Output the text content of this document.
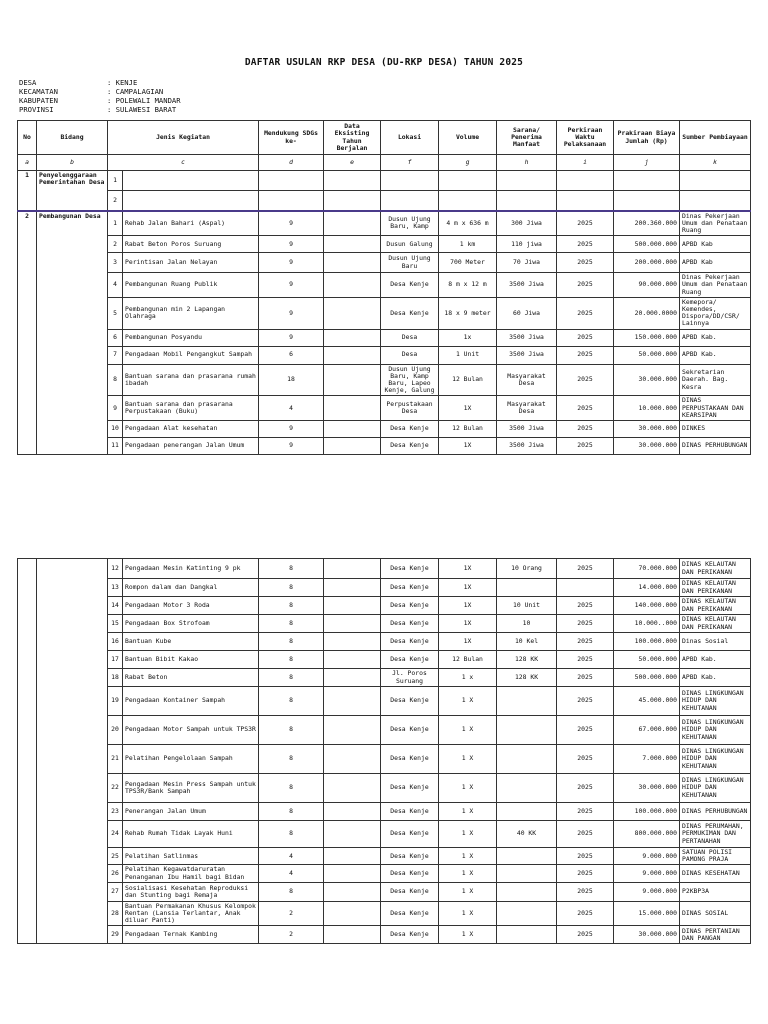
DAFTAR USULAN RKP DESA (DU-RKP DESA) TAHUN 2025
DESA	: KENJE
KECAMATAN	: CAMPALAGIAN
KABUPATEN	: POLEWALI MANDAR
PROVINSI	: SULAWESI BARAT
No	Bidang	Jenis Kegiatan		Mendukung SDGs ke-	Data Eksisting Tahun Berjalan	Lokasi	Volume	Sarana/ Penerima Manfaat	Perkiraan Waktu Pelaksanaan	Prakiraan Biaya Jumlah (Rp)	Sumber Pembiayaan
a	b	c		d	e	f	g	h	i	j	k
1	Penyelenggaraan Pemerintahan Desa	1									
		2									
2	Pembangunan Desa	1	Rehab Jalan Bahari (Aspal)	9		Dusun Ujung Baru, Kamp	4 m x 636 m	300 Jiwa	2025	200.360.000	Dinas Pekerjaan Umum dan Penataan Ruang
		2	Rabat Beton Poros Suruang	9		Dusun Galung	1 km	110 jiwa	2025	500.000.000	APBD Kab
		3	Perintisan Jalan Nelayan	9		Dusun Ujung Baru	700 Meter	70 Jiwa	2025	200.000.000	APBD Kab
		4	Pembangunan Ruang Publik	9		Desa Kenje	8 m x 12 m	3500 Jiwa	2025	90.000.000	Dinas Pekerjaan Umum dan Penataan Ruang
		5	Pembangunan min 2 Lapangan Olahraga	9		Desa Kenje	18 x 9 meter	60 Jiwa	2025	20.000.0000	Kemepora/ Kemendes, Dispora/DD/CSR/ Lainnya
		6	Pembangunan Posyandu	9		Desa	1x	3500 Jiwa	2025	150.000.000	APBD Kab.
		7	Pengadaan Mobil Pengangkut Sampah	6		Desa	1 Unit	3500 Jiwa	2025	50.000.000	APBD Kab.
		8	Bantuan sarana dan prasarana rumah ibadah	18		Dusun Ujung Baru, Kamp Baru, Lapeo Kenje, Galung	12 Bulan	Masyarakat Desa	2025	30.000.000	Sekretarian Daerah. Bag. Kesra
		9	Bantuan sarana dan prasarana Perpustakaan (Buku)	4		Perpustakaan Desa	1X	Masyarakat Desa	2025	10.000.000	DINAS PERPUSTAKAAN DAN KEARSIPAN
		10	Pengadaan Alat kesehatan	9		Desa Kenje	12 Bulan	3500 Jiwa	2025	30.000.000	DINKES
		11	Pengadaan penerangan Jalan Umum	9		Desa Kenje	1X	3500 Jiwa	2025	30.000.000	DINAS PERHUBUNGAN
		12	Pengadaan Mesin Katinting 9 pk	8		Desa Kenje	1X	10 Orang	2025	70.000.000	DINAS KELAUTAN DAN PERIKANAN
		13	Rompon dalam dan Dangkal	8		Desa Kenje	1X			14.000.000	DINAS KELAUTAN DAN PERIKANAN
		14	Pengadaan Motor 3 Roda	8		Desa Kenje	1X	10 Unit	2025	140.000.000	DINAS KELAUTAN DAN PERIKANAN
		15	Pengadaan Box Strofoam	8		Desa Kenje	1X	10	2025	10.000..000	DINAS KELAUTAN DAN PERIKANAN
		16	Bantuan Kube	8		Desa Kenje	1X	10 Kel	2025	100.000.000	Dinas Sosial
		17	Bantuan Bibit Kakao	8		Desa Kenje	12 Bulan	128 KK	2025	50.000.000	APBD Kab.
		18	Rabat Beton	8		Jl. Poros Suruang	1 x	128 KK	2025	500.000.000	APBD Kab.
		19	Pengadaan Kontainer Sampah	8		Desa Kenje	1 X		2025	45.000.000	DINAS LINGKUNGAN HIDUP DAN KEHUTANAN
		20	Pengadaan Motor Sampah untuk TPS3R	8		Desa Kenje	1 X		2025	67.000.000	DINAS LINGKUNGAN HIDUP DAN KEHUTANAN
		21	Pelatihan Pengelolaan Sampah	8		Desa Kenje	1 X		2025	7.000.000	DINAS LINGKUNGAN HIDUP DAN KEHUTANAN
		22	Pengadaan Mesin Press Sampah untuk TPS3R/Bank Sampah	8		Desa Kenje	1 X		2025	30.000.000	DINAS LINGKUNGAN HIDUP DAN KEHUTANAN
		23	Penerangan Jalan Umum	8		Desa Kenje	1 X		2025	100.000.000	DINAS PERHUBUNGAN
		24	Rehab Rumah Tidak Layak Huni	8		Desa Kenje	1 X	40 KK	2025	800.000.000	DINAS PERUMAHAN, PERMUKIMAN DAN PERTANAHAN
		25	Pelatihan Satlinmas	4		Desa Kenje	1 X		2025	9.000.000	SATUAN POLISI PAMONG PRAJA
		26	Pelatihan Kegawatdaruratan Penanganan Ibu Hamil bagi Bidan	4		Desa Kenje	1 X		2025	9.000.000	DINAS KESEHATAN
		27	Sosialisasi Kesehatan Reproduksi dan Stunting bagi Remaja	8		Desa Kenje	1 X		2025	9.000.000	P2KBP3A
		28	Bantuan Permakanan Khusus Kelompok Rentan (Lansia Terlantar, Anak diluar Panti)	2		Desa Kenje	1 X		2025	15.000.000	DINAS SOSIAL
		29	Pengadaan Ternak Kambing	2		Desa Kenje	1 X		2025	30.000.000	DINAS PERTANIAN DAN PANGAN
